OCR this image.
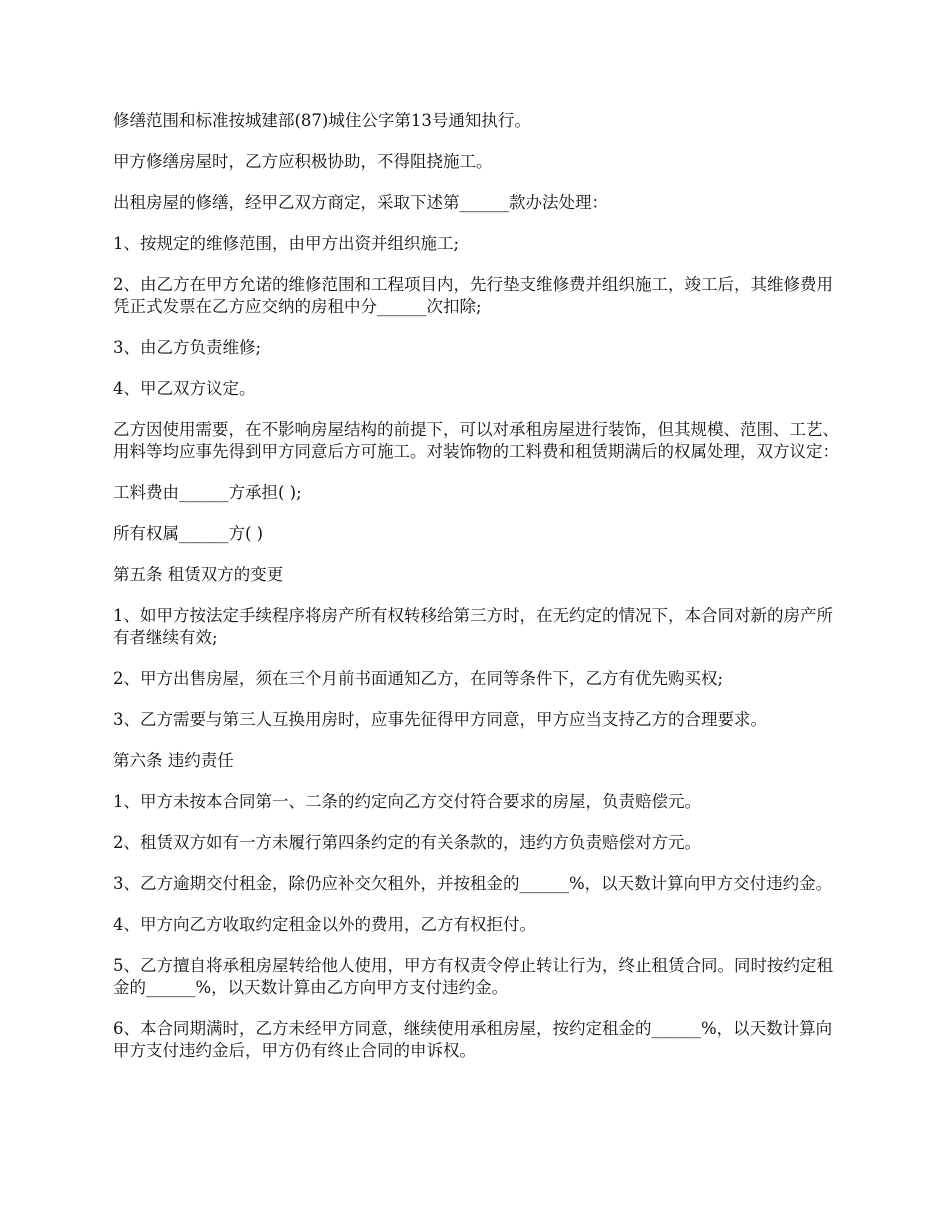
修缮范围和标准按城建部(87)城住公字第13号通知执行。

甲方修缮房屋时，乙方应积极协助，不得阻挠施工。

出租房屋的修缮，经甲乙双方商定，采取下述第______款办法处理：

1、按规定的维修范围，由甲方出资并组织施工;

2、由乙方在甲方允诺的维修范围和工程项目内，先行垫支维修费并组织施工，竣工后，其维修费用凭正式发票在乙方应交纳的房租中分______次扣除;

3、由乙方负责维修;

4、甲乙双方议定。

乙方因使用需要，在不影响房屋结构的前提下，可以对承租房屋进行装饰，但其规模、范围、工艺、用料等均应事先得到甲方同意后方可施工。对装饰物的工料费和租赁期满后的权属处理，双方议定：

工料费由______方承担( );

所有权属______方( )

第五条 租赁双方的变更

1、如甲方按法定手续程序将房产所有权转移给第三方时，在无约定的情况下，本合同对新的房产所有者继续有效;

2、甲方出售房屋，须在三个月前书面通知乙方，在同等条件下，乙方有优先购买权;

3、乙方需要与第三人互换用房时，应事先征得甲方同意，甲方应当支持乙方的合理要求。

第六条 违约责任

1、甲方未按本合同第一、二条的约定向乙方交付符合要求的房屋，负责赔偿元。

2、租赁双方如有一方未履行第四条约定的有关条款的，违约方负责赔偿对方元。

3、乙方逾期交付租金，除仍应补交欠租外，并按租金的______%，以天数计算向甲方交付违约金。

4、甲方向乙方收取约定租金以外的费用，乙方有权拒付。

5、乙方擅自将承租房屋转给他人使用，甲方有权责令停止转让行为，终止租赁合同。同时按约定租金的______%，以天数计算由乙方向甲方支付违约金。

6、本合同期满时，乙方未经甲方同意，继续使用承租房屋，按约定租金的______%，以天数计算向甲方支付违约金后，甲方仍有终止合同的申诉权。
